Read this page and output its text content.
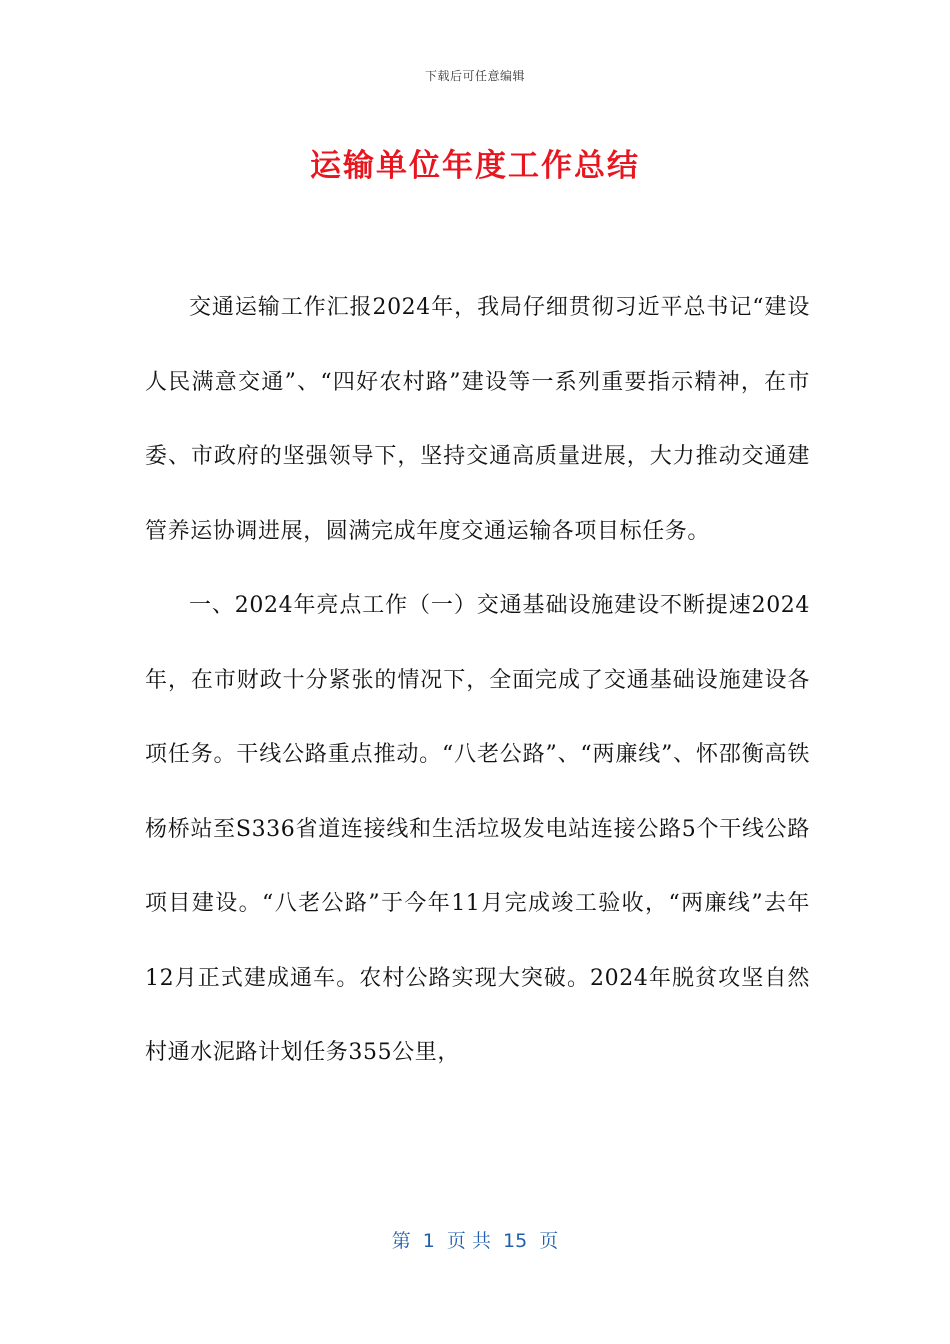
下载后可任意编辑
运输单位年度工作总结

交通运输工作汇报2024年，我局仔细贯彻习近平总书记“建设人民满意交通”、“四好农村路”建设等一系列重要指示精神，在市委、市政府的坚强领导下，坚持交通高质量进展，大力推动交通建管养运协调进展，圆满完成年度交通运输各项目标任务。

一、2024年亮点工作（一）交通基础设施建设不断提速2024年，在市财政十分紧张的情况下，全面完成了交通基础设施建设各项任务。干线公路重点推动。“八老公路”、“两廉线”、怀邵衡高铁杨桥站至S336省道连接线和生活垃圾发电站连接公路5个干线公路项目建设。“八老公路”于今年11月完成竣工验收，“两廉线”去年12月正式建成通车。农村公路实现大突破。2024年脱贫攻坚自然村通水泥路计划任务355公里，

第  1  页 共  15  页
